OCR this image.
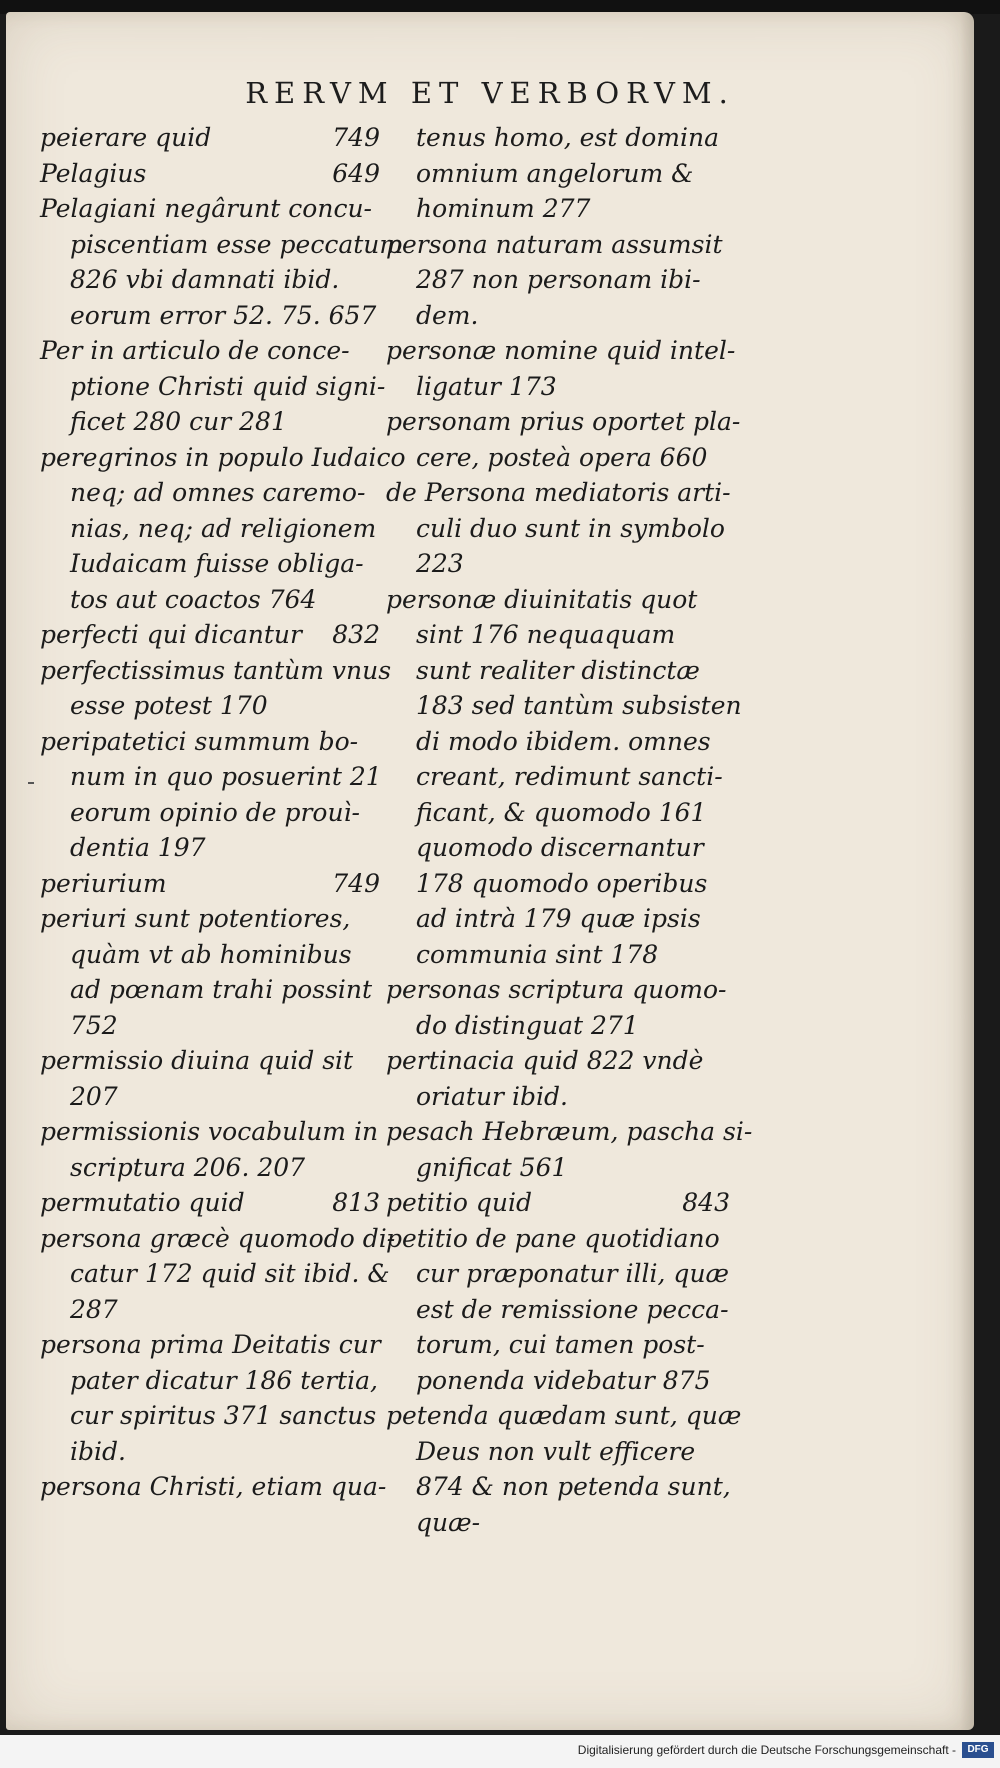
RERVM ET VERBORVM.
peierare quid	749
Pelagius	649
Pelagiani negârunt concu-
piscentiam esse peccatum
826 vbi damnati ibid.
eorum error 52. 75. 657
Per in articulo de conce-
ptione Christi quid signi-
ficet 280 cur 281
peregrinos in populo Iudaico
neq; ad omnes caremo-
nias, neq; ad religionem
Iudaicam fuisse obliga-
tos aut coactos 764
perfecti qui dicantur 832
perfectissimus tantùm vnus
esse potest 170
peripatetici summum bo-
num in quo posuerint 21
eorum opinio de prouì-
dentia 197
periurium	749
periuri sunt potentiores,
quàm vt ab hominibus
ad pœnam trahi possint
752
permissio diuina quid sit
207
permissionis vocabulum in
scriptura 206. 207
permutatio quid	813
persona græcè quomodo di-
catur 172 quid sit ibid. &
287
persona prima Deitatis cur
pater dicatur 186 tertia,
cur spiritus 371 sanctus
ibid.
persona Christi, etiam qua-
tenus homo, est domina
omnium angelorum &
hominum 277
persona naturam assumsit
287 non personam ibi-
dem.
personæ nomine quid intel-
ligatur 173
personam prius oportet pla-
cere, posteà opera 660
de Persona mediatoris arti-
culi duo sunt in symbolo
223
personæ diuinitatis quot
sint 176 nequaquam
sunt realiter distinctæ
183 sed tantùm subsisten
di modo ibidem. omnes
creant, redimunt sancti-
ficant, & quomodo 161
quomodo discernantur
178 quomodo operibus
ad intrà 179 quæ ipsis
communia sint 178
personas scriptura quomo-
do distinguat 271
pertinacia quid 822 vndè
oriatur ibid.
pesach Hebræum, pascha si-
gnificat 561
petitio quid	843
petitio de pane quotidiano
cur præponatur illi, quæ
est de remissione pecca-
torum, cui tamen post-
ponenda videbatur 875
petenda quædam sunt, quæ
Deus non vult efficere
874 & non petenda sunt,
quæ-
Digitalisierung gefördert durch die Deutsche Forschungsgemeinschaft -	DFG
